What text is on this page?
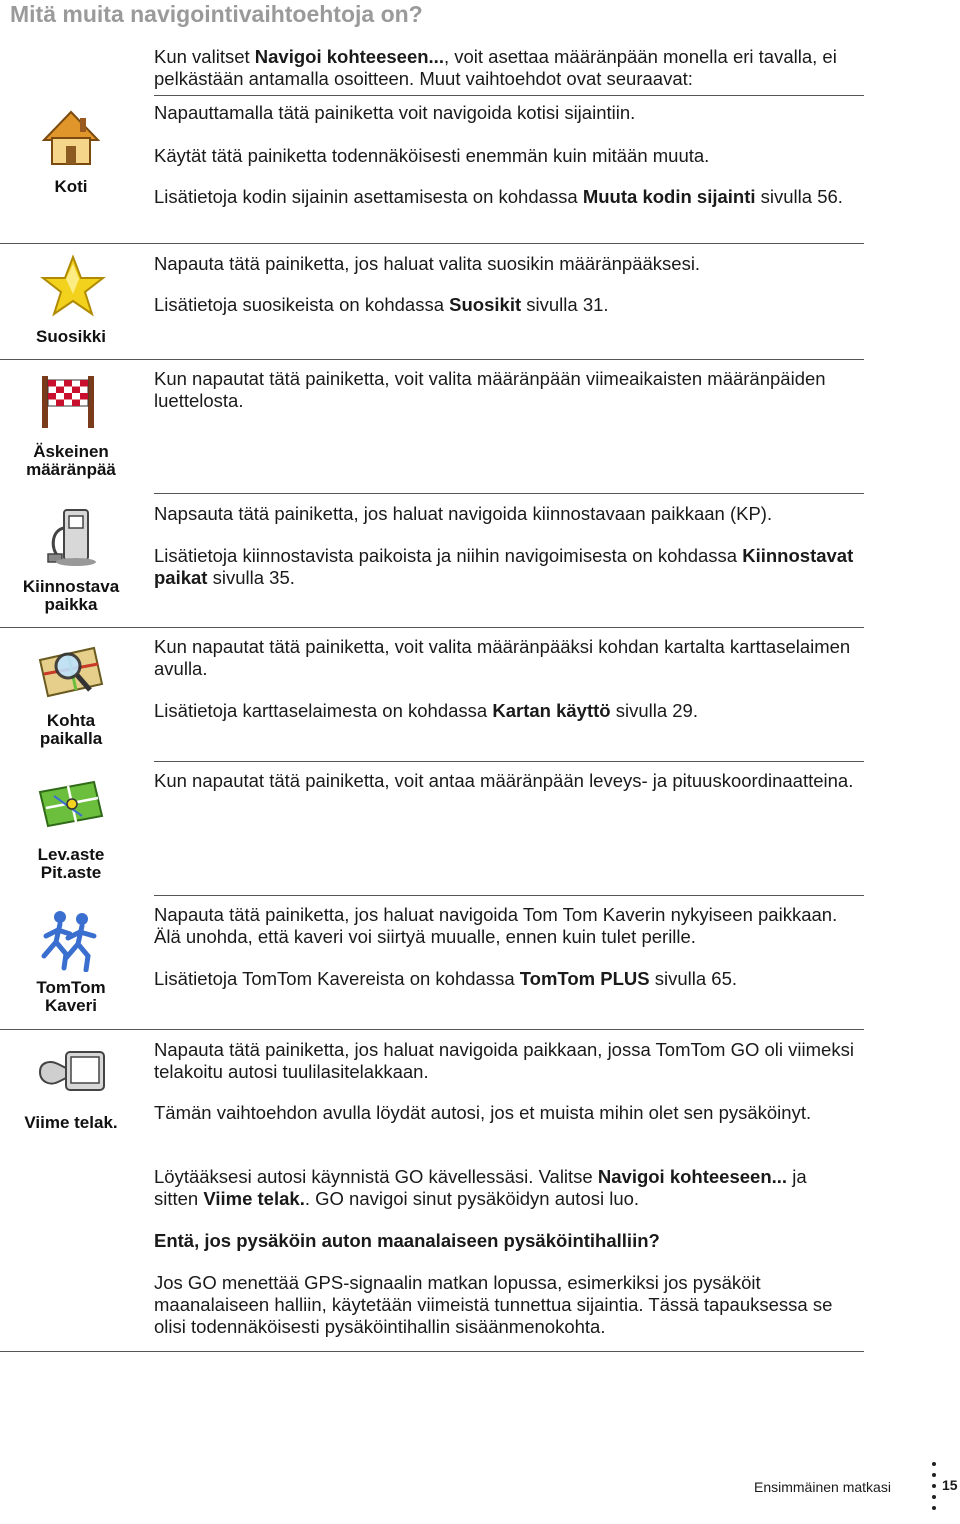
Mitä muita navigointivaihtoehtoja on?

Kun valitset Navigoi kohteeseen..., voit asettaa määränpään monella eri tavalla, ei pelkästään antamalla osoitteen. Muut vaihtoehdot ovat seuraavat:

Koti

Napauttamalla tätä painiketta voit navigoida kotisi sijaintiin.

Käytät tätä painiketta todennäköisesti enemmän kuin mitään muuta.

Lisätietoja kodin sijainin asettamisesta on kohdassa Muuta kodin sijainti sivulla 56.

Suosikki

Napauta tätä painiketta, jos haluat valita suosikin määränpääksesi.

Lisätietoja suosikeista on kohdassa Suosikit sivulla 31.

Äskeinen
määränpää

Kun napautat tätä painiketta, voit valita määränpään viimeaikaisten määränpäiden luettelosta.

Kiinnostava
paikka

Napsauta tätä painiketta, jos haluat navigoida kiinnostavaan paikkaan (KP).

Lisätietoja kiinnostavista paikoista ja niihin navigoimisesta on kohdassa Kiinnostavat paikat sivulla 35.

Kohta
paikalla

Kun napautat tätä painiketta, voit valita määränpääksi kohdan kartalta karttaselaimen avulla.

Lisätietoja karttaselaimesta on kohdassa Kartan käyttö sivulla 29.

Lev.aste
Pit.aste

Kun napautat tätä painiketta, voit antaa määränpään leveys- ja pituuskoordinaatteina.

TomTom
Kaveri

Napauta tätä painiketta, jos haluat navigoida Tom Tom Kaverin nykyiseen paikkaan. Älä unohda, että kaveri voi siirtyä muualle, ennen kuin tulet perille.

Lisätietoja TomTom Kavereista on kohdassa TomTom PLUS sivulla 65.

Viime telak.

Napauta tätä painiketta, jos haluat navigoida paikkaan, jossa TomTom GO oli viimeksi telakoitu autosi tuulilasitelakkaan.

Tämän vaihtoehdon avulla löydät autosi, jos et muista mihin olet sen pysäköinyt.

Löytääksesi autosi käynnistä GO kävellessäsi. Valitse Navigoi kohteeseen... ja sitten Viime telak.. GO navigoi sinut pysäköidyn autosi luo.

Entä, jos pysäköin auton maanalaiseen pysäköintihalliin?

Jos GO menettää GPS-signaalin matkan lopussa, esimerkiksi jos pysäköit maanalaiseen halliin, käytetään viimeistä tunnettua sijaintia. Tässä tapauksessa se olisi todennäköisesti pysäköintihallin sisäänmenokohta.

Ensimmäinen matkasi	15
